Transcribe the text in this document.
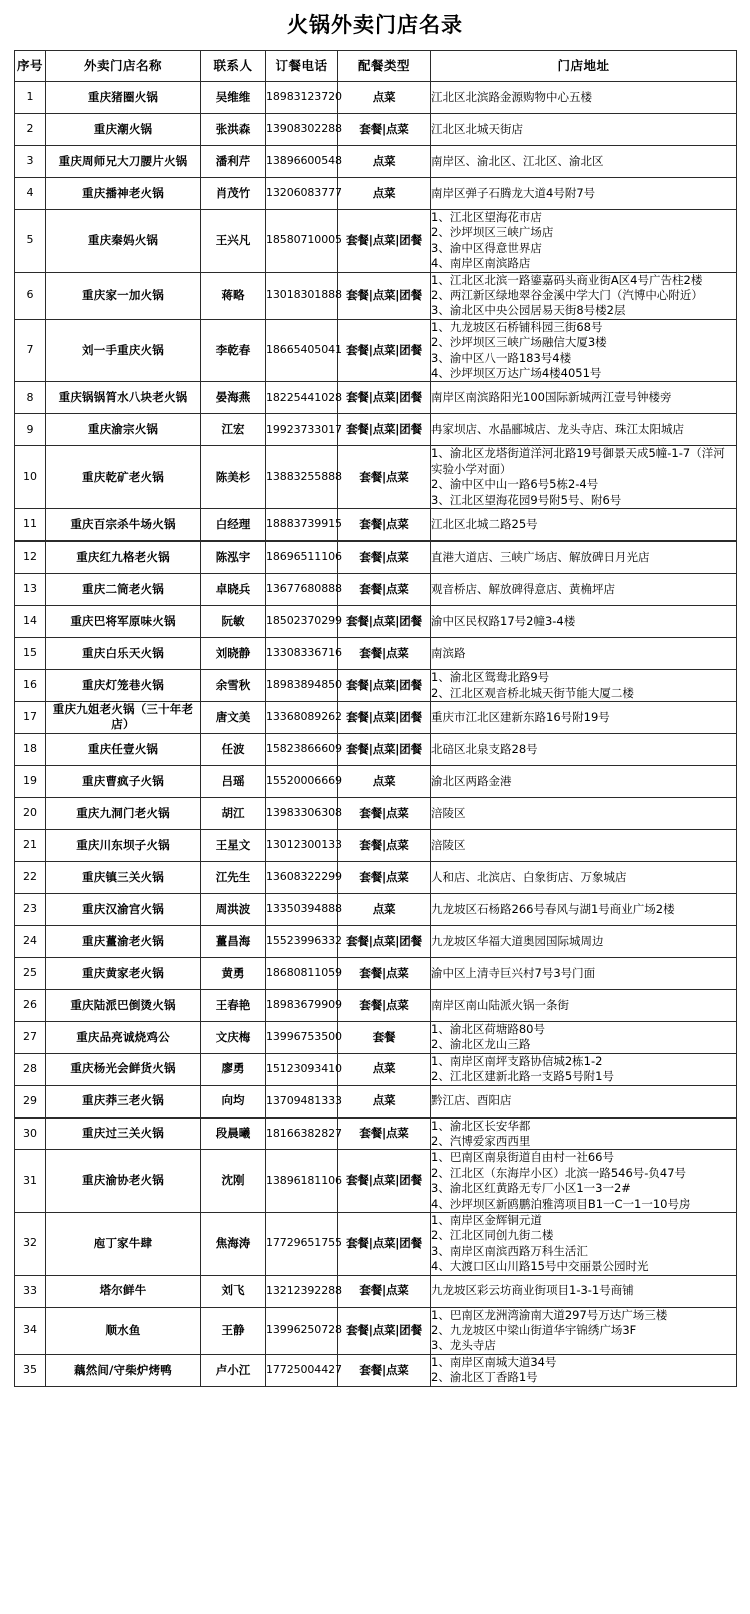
火锅外卖门店名录
序号	外卖门店名称	联系人	订餐电话	配餐类型	门店地址
1	重庆猪圈火锅	吴维维	18983123720	点菜	江北区北滨路金源购物中心五楼

2	重庆潮火锅	张洪森	13908302288	套餐|点菜	江北区北城天街店

3	重庆周师兄大刀腰片火锅	潘利芹	13896600548	点菜	南岸区、渝北区、江北区、渝北区

4	重庆播神老火锅	肖茂竹	13206083777	点菜	南岸区弹子石腾龙大道4号附7号

5	重庆秦妈火锅	王兴凡	18580710005	套餐|点菜|团餐	1、江北区望海花市店
2、沙坪坝区三峡广场店
3、渝中区得意世界店
4、南岸区南滨路店

6	重庆家一加火锅	蒋略	13018301888	套餐|点菜|团餐	1、江北区北滨一路鎏嘉码头商业街A区4号广告柱2楼
2、两江新区绿地翠谷金溪中学大门（汽博中心附近）
3、渝北区中央公园居易天街8号楼2层

7	刘一手重庆火锅	李乾春	18665405041	套餐|点菜|团餐	1、九龙坡区石桥铺科园三街68号
2、沙坪坝区三峡广场融信大厦3楼
3、渝中区八一路183号4楼
4、沙坪坝区万达广场4楼4051号

8	重庆锅锅筲水八块老火锅	晏海燕	18225441028	套餐|点菜|团餐	南岸区南滨路阳光100国际新城两江壹号钟楼旁

9	重庆渝宗火锅	江宏	19923733017	套餐|点菜|团餐	冉家坝店、水晶郦城店、龙头寺店、珠江太阳城店

10	重庆乾矿老火锅	陈美杉	13883255888	套餐|点菜	1、渝北区龙塔街道洋河北路19号御景天成5幢-1-7（洋河实验小学对面）
2、渝中区中山一路6号5栋2-4号
3、江北区望海花园9号附5号、附6号

11	重庆百宗杀牛场火锅	白经理	18883739915	套餐|点菜	江北区北城二路25号

12	重庆红九格老火锅	陈泓宇	18696511106	套餐|点菜	直港大道店、三峡广场店、解放碑日月光店

13	重庆二筒老火锅	卓晓兵	13677680888	套餐|点菜	观音桥店、解放碑得意店、黄桷坪店

14	重庆巴将军原味火锅	阮敏	18502370299	套餐|点菜|团餐	渝中区民权路17号2幢3-4楼

15	重庆白乐天火锅	刘晓静	13308336716	套餐|点菜	南滨路

16	重庆灯笼巷火锅	余雪秋	18983894850	套餐|点菜|团餐	1、渝北区鸳鸯北路9号
2、江北区观音桥北城天街节能大厦二楼

17	重庆九姐老火锅（三十年老店）	唐文美	13368089262	套餐|点菜|团餐	重庆市江北区建新东路16号附19号

18	重庆任壹火锅	任波	15823866609	套餐|点菜|团餐	北碚区北泉支路28号

19	重庆曹疯子火锅	吕瑶	15520006669	点菜	渝北区两路金港

20	重庆九洞门老火锅	胡江	13983306308	套餐|点菜	涪陵区

21	重庆川东坝子火锅	王星文	13012300133	套餐|点菜	涪陵区

22	重庆镇三关火锅	江先生	13608322299	套餐|点菜	人和店、北滨店、白象街店、万象城店

23	重庆汉渝宫火锅	周洪波	13350394888	点菜	九龙坡区石杨路266号春风与湖1号商业广场2楼

24	重庆薑渝老火锅	薑昌海	15523996332	套餐|点菜|团餐	九龙坡区华福大道奥园国际城周边

25	重庆黄家老火锅	黄勇	18680811059	套餐|点菜	渝中区上清寺巨兴村7号3号门面

26	重庆陆派巴倒烫火锅	王春艳	18983679909	套餐|点菜	南岸区南山陆派火锅一条街

27	重庆品亮诚烧鸡公	文庆梅	13996753500	套餐	1、渝北区荷塘路80号
2、渝北区龙山三路

28	重庆杨光会鲜货火锅	廖勇	15123093410	点菜	1、南岸区南坪支路协信城2栋1-2
2、江北区建新北路一支路5号附1号

29	重庆莽三老火锅	向均	13709481333	点菜	黔江店、酉阳店

30	重庆过三关火锅	段晨曦	18166382827	套餐|点菜	1、渝北区长安华都
2、汽博爱家西西里

31	重庆渝协老火锅	沈刚	13896181106	套餐|点菜|团餐	1、巴南区南泉街道自由村一社66号
2、江北区（东海岸小区）北滨一路546号-负47号
3、渝北区红黄路无专厂小区1一3一2#
4、沙坪坝区新鸥鹏泊雅湾项目B1一C一1一10号房

32	庖丁家牛肆	焦海涛	17729651755	套餐|点菜|团餐	1、南岸区金辉铜元道
2、江北区同创九街二楼
3、南岸区南滨西路万科生活汇
4、大渡口区山川路15号中交丽景公园时光

33	塔尔鲜牛	刘飞	13212392288	套餐|点菜	九龙坡区彩云坊商业街项目1-3-1号商铺

34	顺水鱼	王静	13996250728	套餐|点菜|团餐	1、巴南区龙洲湾渝南大道297号万达广场三楼
2、九龙坡区中梁山街道华宇锦绣广场3F
3、龙头寺店

35	藕然间/守柴炉烤鸭	卢小江	17725004427	套餐|点菜	1、南岸区南城大道34号
2、渝北区丁香路1号
